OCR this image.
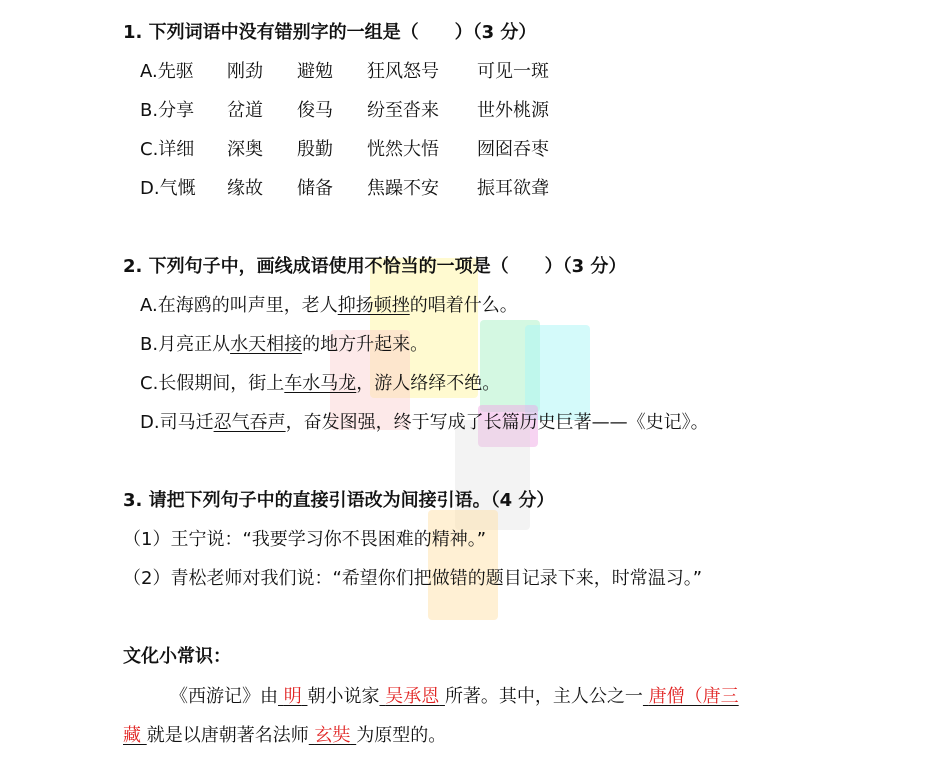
1. 下列词语中没有错别字的一组是（　　）（3 分）
A.先驱 刚劲 避勉 狂风怒号 可见一斑
B.分享 岔道 俊马 纷至沓来 世外桃源
C.详细 深奥 殷勤 恍然大悟 囫囵吞枣
D.气慨 缘故 储备 焦躁不安 振耳欲聋
2. 下列句子中，画线成语使用不恰当的一项是（　　）（3 分）
A.在海鸥的叫声里，老人抑扬顿挫的唱着什么。
B.月亮正从水天相接的地方升起来。
C.长假期间，街上车水马龙，游人络绎不绝。
D.司马迁忍气吞声，奋发图强，终于写成了长篇历史巨著——《史记》。
3. 请把下列句子中的直接引语改为间接引语。（4 分）
（1）王宁说：“我要学习你不畏困难的精神。”
（2）青松老师对我们说：“希望你们把做错的题目记录下来，时常温习。”
文化小常识：
《西游记》由 明 朝小说家 吴承恩 所著。其中，主人公之一 唐僧（唐三
藏 就是以唐朝著名法师 玄奘 为原型的。
